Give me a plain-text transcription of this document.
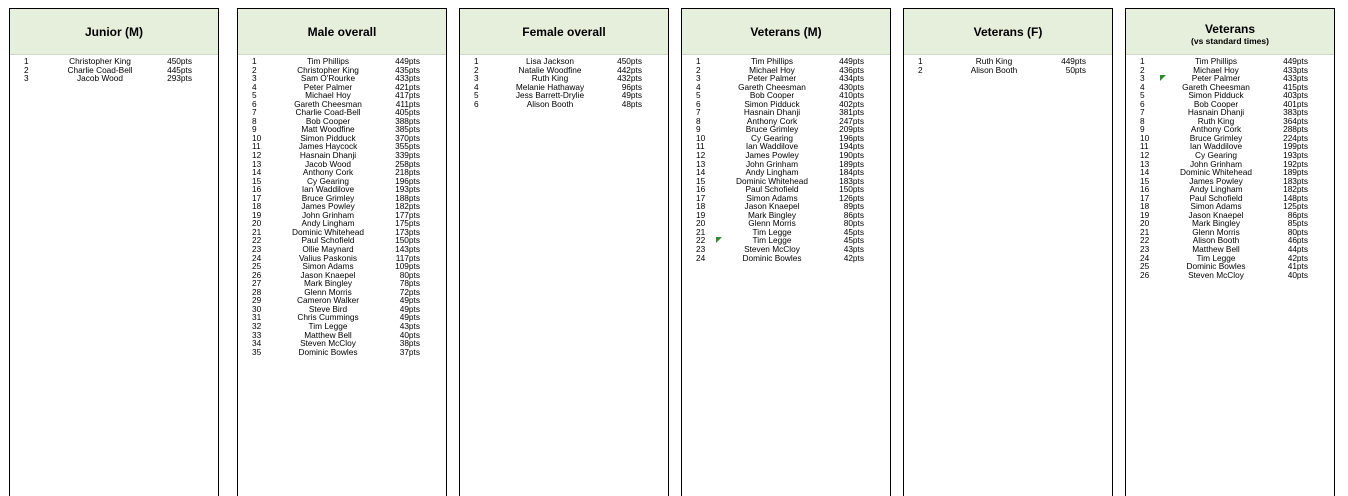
Junior (M)
1	Christopher King	450pts
2	Charlie Coad-Bell	445pts
3	Jacob Wood	293pts
Male overall
1	Tim Phillips	449pts
2	Christopher King	435pts
3	Sam O'Rourke	433pts
4	Peter Palmer	421pts
5	Michael Hoy	417pts
6	Gareth Cheesman	411pts
7	Charlie Coad-Bell	405pts
8	Bob Cooper	388pts
9	Matt Woodfine	385pts
10	Simon Pidduck	370pts
11	James Haycock	355pts
12	Hasnain Dhanji	339pts
13	Jacob Wood	258pts
14	Anthony Cork	218pts
15	Cy Gearing	196pts
16	Ian Waddilove	193pts
17	Bruce Grimley	188pts
18	James Powley	182pts
19	John Grinham	177pts
20	Andy Lingham	175pts
21	Dominic Whitehead	173pts
22	Paul Schofield	150pts
23	Ollie Maynard	143pts
24	Valius Paskonis	117pts
25	Simon Adams	109pts
26	Jason Knaepel	80pts
27	Mark Bingley	78pts
28	Glenn Morris	72pts
29	Cameron Walker	49pts
30	Steve Bird	49pts
31	Chris Cummings	49pts
32	Tim Legge	43pts
33	Matthew Bell	40pts
34	Steven McCloy	38pts
35	Dominic Bowles	37pts
Female overall
1	Lisa Jackson	450pts
2	Natalie Woodfine	442pts
3	Ruth King	432pts
4	Melanie Hathaway	96pts
5	Jess Barrett-Drylie	49pts
6	Alison Booth	48pts
Veterans (M)
1	Tim Phillips	449pts
2	Michael Hoy	436pts
3	Peter Palmer	434pts
4	Gareth Cheesman	430pts
5	Bob Cooper	410pts
6	Simon Pidduck	402pts
7	Hasnain Dhanji	381pts
8	Anthony Cork	247pts
9	Bruce Grimley	209pts
10	Cy Gearing	196pts
11	Ian Waddilove	194pts
12	James Powley	190pts
13	John Grinham	189pts
14	Andy Lingham	184pts
15	Dominic Whitehead	183pts
16	Paul Schofield	150pts
17	Simon Adams	126pts
18	Jason Knaepel	89pts
19	Mark Bingley	86pts
20	Glenn Morris	80pts
21	Tim Legge	45pts
22	Tim Legge	45pts
23	Steven McCloy	43pts
24	Dominic Bowles	42pts
Veterans (F)
1	Ruth King	449pts
2	Alison Booth	50pts
Veterans
(vs standard times)
1	Tim Phillips	449pts
2	Michael Hoy	433pts
3	Peter Palmer	433pts
4	Gareth Cheesman	415pts
5	Simon Pidduck	403pts
6	Bob Cooper	401pts
7	Hasnain Dhanji	383pts
8	Ruth King	364pts
9	Anthony Cork	288pts
10	Bruce Grimley	224pts
11	Ian Waddilove	199pts
12	Cy Gearing	193pts
13	John Grinham	192pts
14	Dominic Whitehead	189pts
15	James Powley	183pts
16	Andy Lingham	182pts
17	Paul Schofield	148pts
18	Simon Adams	125pts
19	Jason Knaepel	86pts
20	Mark Bingley	85pts
21	Glenn Morris	80pts
22	Alison Booth	46pts
23	Matthew Bell	44pts
24	Tim Legge	42pts
25	Dominic Bowles	41pts
26	Steven McCloy	40pts
